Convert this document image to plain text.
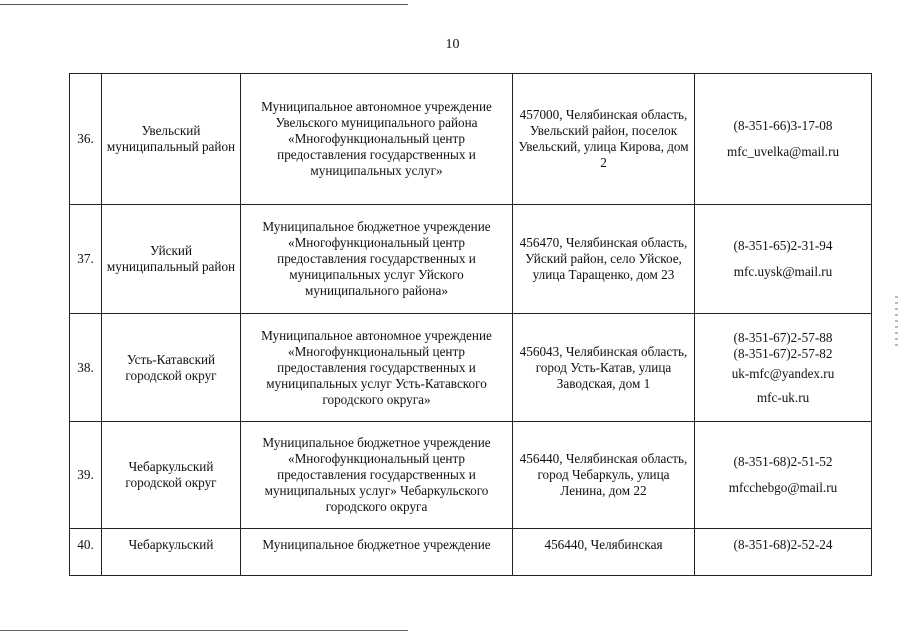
10
36.	Увельский муниципальный район	Муниципальное автономное учреждение Увельского муниципального района «Многофункциональный центр предоставления государственных и муниципальных услуг»	457000, Челябинская область, Увельский район, поселок Увельский, улица Кирова, дом 2	(8-351-66)3-17-08
mfc_uvelka@mail.ru

37.	Уйский муниципальный район	Муниципальное бюджетное учреждение «Многофункциональный центр предоставления государственных и муниципальных услуг Уйского муниципального района»	456470, Челябинская область, Уйский район, село Уйское, улица Таращенко, дом 23	(8-351-65)2-31-94
mfc.uysk@mail.ru

38.	Усть-Катавский городской округ	Муниципальное автономное учреждение «Многофункциональный центр предоставления государственных и муниципальных услуг Усть-Катавского городского округа»	456043, Челябинская область, город Усть-Катав, улица Заводская, дом 1	(8-351-67)2-57-88
(8-351-67)2-57-82
uk-mfc@yandex.ru
mfc-uk.ru

39.	Чебаркульский городской округ	Муниципальное бюджетное учреждение «Многофункциональный центр предоставления государственных и муниципальных услуг» Чебаркульского городского округа	456440, Челябинская область, город Чебаркуль, улица Ленина, дом 22	(8-351-68)2-51-52
mfcchebgo@mail.ru

40.	Чебаркульский	Муниципальное бюджетное учреждение	456440, Челябинская	(8-351-68)2-52-24
